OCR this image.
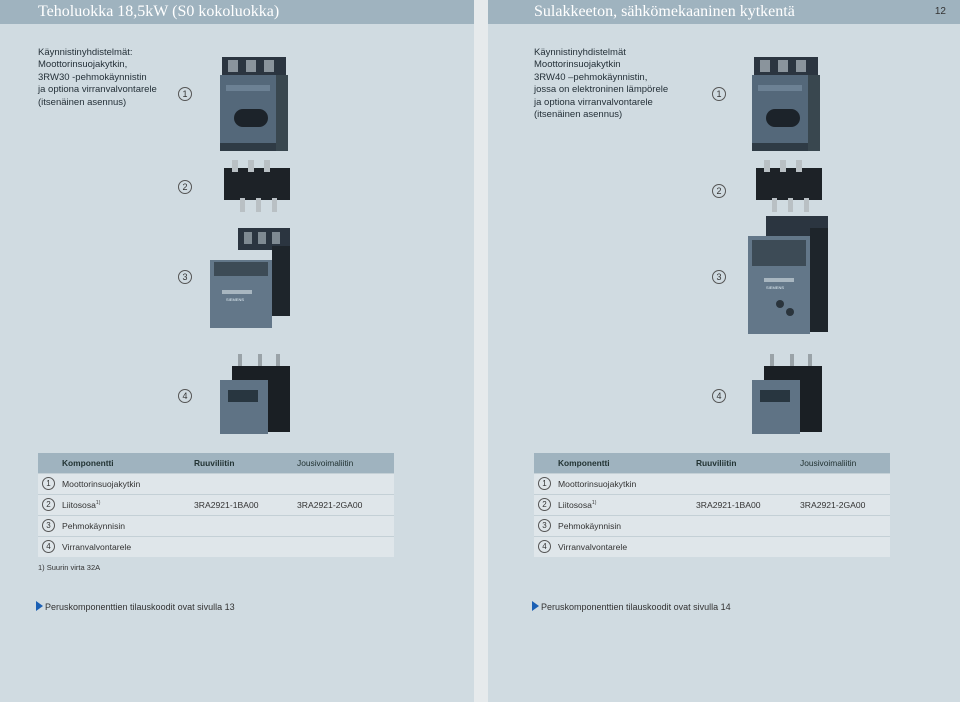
Teholuokka 18,5kW (S0 kokoluokka)
Käynnistinyhdistelmät:
Moottorinsuojakytkin,
3RW30 -pehmokäynnistin
ja optiona virranvalvontarele
(itsenäinen asennus)
1
2
3
4
SIEMENS
Komponentti	Ruuviliitin	Jousivoimaliitin
1	Moottorinsuojakytkin
2	Liitososa$^{1)}$	3RA2921-1BA00	3RA2921-2GA00
3	Pehmokäynnisin
4	Virranvalvontarele
1) Suurin virta 32A
Peruskomponenttien tilauskoodit ovat sivulla 13
Sulakkeeton, sähkömekaaninen kytkentä	12
Käynnistinyhdistelmät
Moottorinsuojakytkin
3RW40 –pehmokäynnistin,
jossa on elektroninen lämpörele
ja optiona virranvalvontarele
(itsenäinen asennus)
1
2
3
4
SIEMENS
Komponentti	Ruuviliitin	Jousivoimaliitin
1	Moottorinsuojakytkin
2	Liitososa$^{1)}$	3RA2921-1BA00	3RA2921-2GA00
3	Pehmokäynnisin
4	Virranvalvontarele
Peruskomponenttien tilauskoodit ovat sivulla 14
